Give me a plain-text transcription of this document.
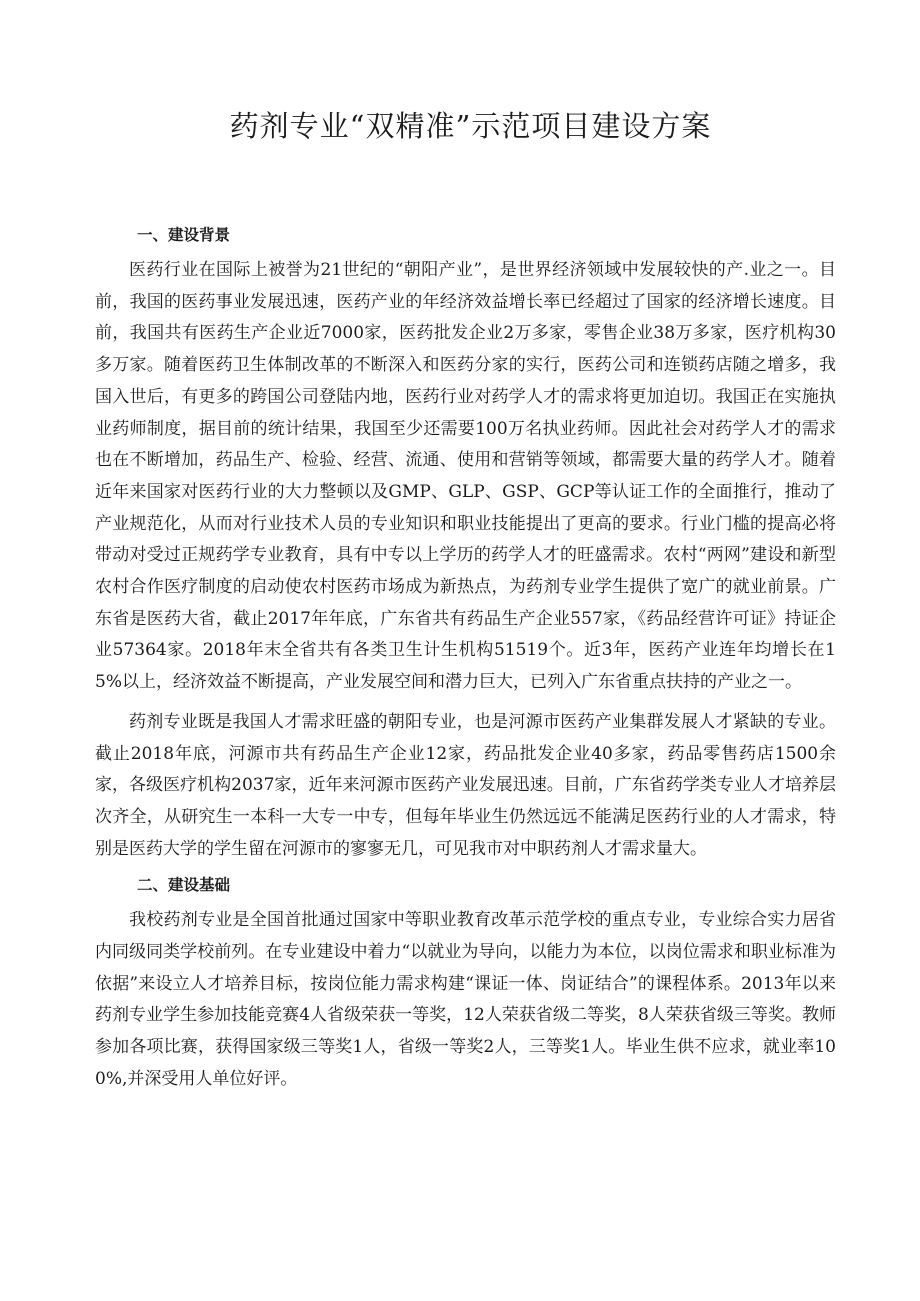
药剂专业“双精准”示范项目建设方案
一、建设背景

医药行业在国际上被誉为21世纪的“朝阳产业”，是世界经济领域中发展较快的产.业之一。目前，我国的医药事业发展迅速，医药产业的年经济效益增长率已经超过了国家的经济增长速度。目前，我国共有医药生产企业近7000家，医药批发企业2万多家，零售企业38万多家，医疗机构30多万家。随着医药卫生体制改革的不断深入和医药分家的实行，医药公司和连锁药店随之增多，我国入世后，有更多的跨国公司登陆内地，医药行业对药学人才的需求将更加迫切。我国正在实施执业药师制度，据目前的统计结果，我国至少还需要100万名执业药师。因此社会对药学人才的需求也在不断增加，药品生产、检验、经营、流通、使用和营销等领域，都需要大量的药学人才。随着近年来国家对医药行业的大力整顿以及GMP、GLP、GSP、GCP等认证工作的全面推行，推动了产业规范化，从而对行业技术人员的专业知识和职业技能提出了更高的要求。行业门槛的提高必将带动对受过正规药学专业教育，具有中专以上学历的药学人才的旺盛需求。农村“两网”建设和新型农村合作医疗制度的启动使农村医药市场成为新热点，为药剂专业学生提供了宽广的就业前景。广东省是医药大省，截止2017年年底，广东省共有药品生产企业557家，《药品经营许可证》持证企业57364家。2018年末全省共有各类卫生计生机构51519个。近3年，医药产业连年均增长在15%以上，经济效益不断提高，产业发展空间和潜力巨大，已列入广东省重点扶持的产业之一。

药剂专业既是我国人才需求旺盛的朝阳专业，也是河源市医药产业集群发展人才紧缺的专业。截止2018年底，河源市共有药品生产企业12家，药品批发企业40多家，药品零售药店1500余家，各级医疗机构2037家，近年来河源市医药产业发展迅速。目前，广东省药学类专业人才培养层次齐全，从研究生一本科一大专一中专，但每年毕业生仍然远远不能满足医药行业的人才需求，特别是医药大学的学生留在河源市的寥寥无几，可见我市对中职药剂人才需求量大。

二、建设基础

我校药剂专业是全国首批通过国家中等职业教育改革示范学校的重点专业，专业综合实力居省内同级同类学校前列。在专业建设中着力“以就业为导向，以能力为本位，以岗位需求和职业标准为依据”来设立人才培养目标，按岗位能力需求构建“课证一体、岗证结合”的课程体系。2013年以来药剂专业学生参加技能竞赛4人省级荣获一等奖，12人荣获省级二等奖，8人荣获省级三等奖。教师参加各项比赛，获得国家级三等奖1人，省级一等奖2人，三等奖1人。毕业生供不应求，就业率100%,并深受用人单位好评。
